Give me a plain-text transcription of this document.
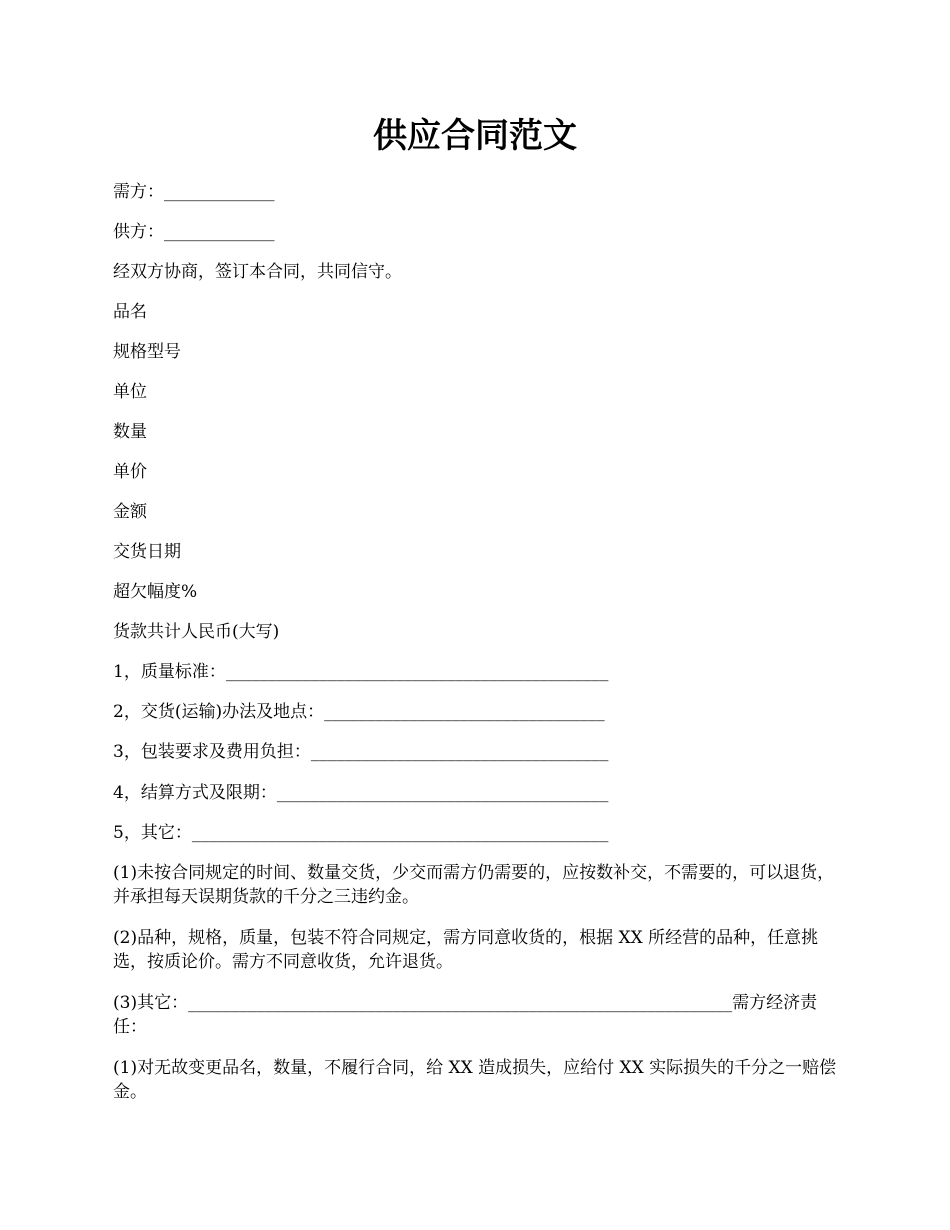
供应合同范文

需方：_____________

供方：_____________

经双方协商，签订本合同，共同信守。

品名

规格型号

单位

数量

单价

金额

交货日期

超欠幅度%

货款共计人民币(大写)

1，质量标准：_____________________________________________

2，交货(运输)办法及地点：_________________________________

3，包装要求及费用负担：___________________________________

4，结算方式及限期：_______________________________________

5，其它：_________________________________________________

(1)未按合同规定的时间、数量交货，少交而需方仍需要的，应按数补交，不需要的，可以退货，并承担每天误期货款的千分之三违约金。

(2)品种，规格，质量，包装不符合同规定，需方同意收货的，根据 XX 所经营的品种，任意挑选，按质论价。需方不同意收货，允许退货。

(3)其它：________________________________________________________________需方经济责任：

(1)对无故变更品名，数量，不履行合同，给 XX 造成损失，应给付 XX 实际损失的千分之一赔偿金。
